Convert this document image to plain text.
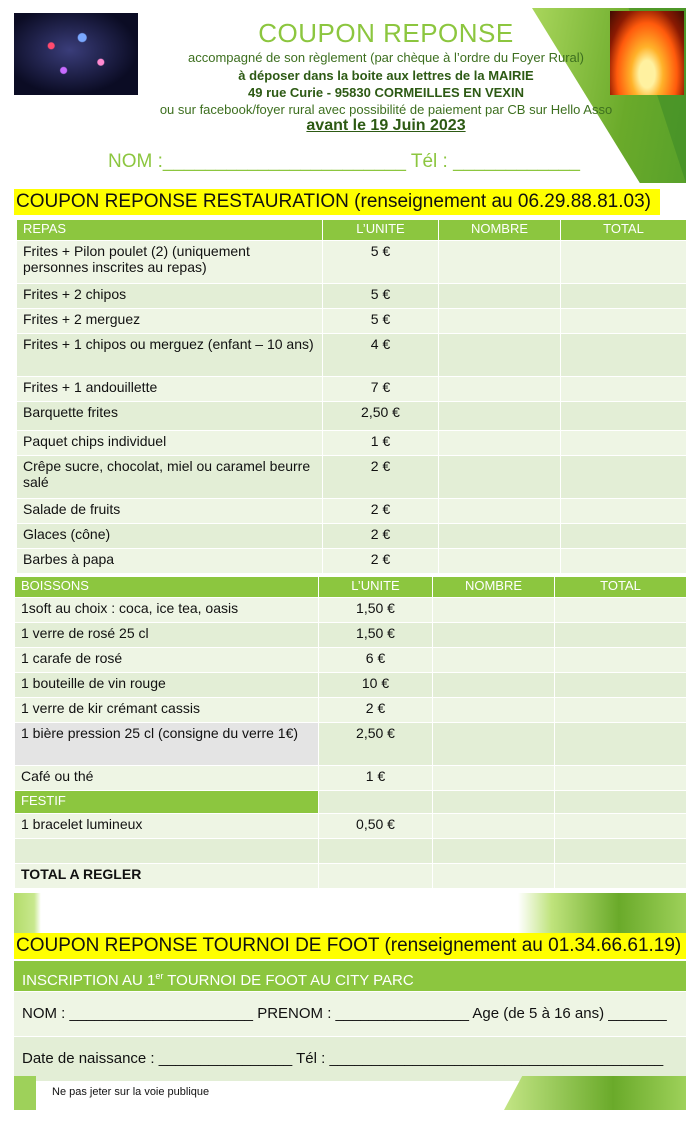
COUPON REPONSE
accompagné de son règlement (par chèque à l’ordre du Foyer Rural)
à déposer dans la boite aux lettres de la MAIRIE
49 rue Curie - 95830 CORMEILLES EN VEXIN
ou sur facebook/foyer rural avec possibilité de paiement par CB sur Hello Asso
avant le 19 Juin 2023
NOM :_______________________ Tél : ____________
COUPON REPONSE RESTAURATION (renseignement au 06.29.88.81.03)
REPAS	L’UNITE	NOMBRE	TOTAL
Frites + Pilon poulet (2) (uniquement personnes inscrites au repas)	5 €		
Frites + 2 chipos	5 €		
Frites + 2 merguez	5 €		
Frites + 1 chipos ou merguez (enfant – 10 ans)	4 €		
Frites + 1 andouillette	7 €		
Barquette frites	2,50 €		
Paquet chips individuel	1 €		
Crêpe sucre, chocolat, miel ou caramel beurre salé	2 €		
Salade de fruits	2 €		
Glaces (cône)	2 €		
Barbes à papa	2 €		
BOISSONS	L’UNITE	NOMBRE	TOTAL
1soft au choix : coca, ice tea, oasis	1,50 €		
1 verre de rosé 25 cl	1,50 €		
1 carafe de rosé	6 €		
1 bouteille de vin rouge	10 €		
1 verre de kir crémant cassis	2 €		
1 bière pression 25 cl (consigne du verre 1€)	2,50 €		
Café ou thé	1 €		
FESTIF			
1 bracelet lumineux	0,50 €		

TOTAL A REGLER			
COUPON REPONSE TOURNOI DE FOOT (renseignement au 01.34.66.61.19)
INSCRIPTION AU 1er TOURNOI DE FOOT AU CITY PARC
NOM : ______________________ PRENOM : ________________ Age (de 5 à 16 ans) _______
Date de naissance : ________________ Tél : ________________________________________
Ne pas jeter sur la voie publique
